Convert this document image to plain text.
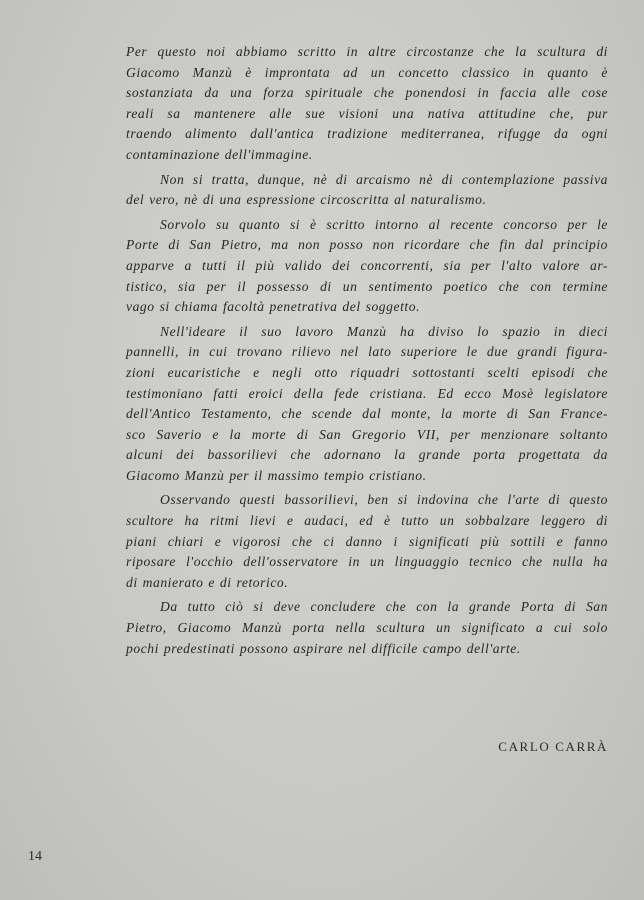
Per questo noi abbiamo scritto in altre circostanze che la scultura di
Giacomo Manzù è improntata ad un concetto classico in quanto è
sostanziata da una forza spirituale che ponendosi in faccia alle cose
reali sa mantenere alle sue visioni una nativa attitudine che, pur
traendo alimento dall'antica tradizione mediterranea, rifugge da ogni
contaminazione dell'immagine.
Non si tratta, dunque, nè di arcaismo nè di contemplazione passiva
del vero, nè di una espressione circoscritta al naturalismo.
Sorvolo su quanto si è scritto intorno al recente concorso per le
Porte di San Pietro, ma non posso non ricordare che fin dal principio
apparve a tutti il più valido dei concorrenti, sia per l'alto valore ar-
tistico, sia per il possesso di un sentimento poetico che con termine
vago si chiama facoltà penetrativa del soggetto.
Nell'ideare il suo lavoro Manzù ha diviso lo spazio in dieci
pannelli, in cui trovano rilievo nel lato superiore le due grandi figura-
zioni eucaristiche e negli otto riquadri sottostanti scelti episodi che
testimoniano fatti eroici della fede cristiana. Ed ecco Mosè legislatore
dell'Antico Testamento, che scende dal monte, la morte di San France-
sco Saverio e la morte di San Gregorio VII, per menzionare soltanto
alcuni dei bassorilievi che adornano la grande porta progettata da
Giacomo Manzù per il massimo tempio cristiano.
Osservando questi bassorilievi, ben si indovina che l'arte di questo
scultore ha ritmi lievi e audaci, ed è tutto un sobbalzare leggero di
piani chiari e vigorosi che ci danno i significati più sottili e fanno
riposare l'occhio dell'osservatore in un linguaggio tecnico che nulla ha
di manierato e di retorico.
Da tutto ciò si deve concludere che con la grande Porta di San
Pietro, Giacomo Manzù porta nella scultura un significato a cui solo
pochi predestinati possono aspirare nel difficile campo dell'arte.
CARLO CARRÀ
14
